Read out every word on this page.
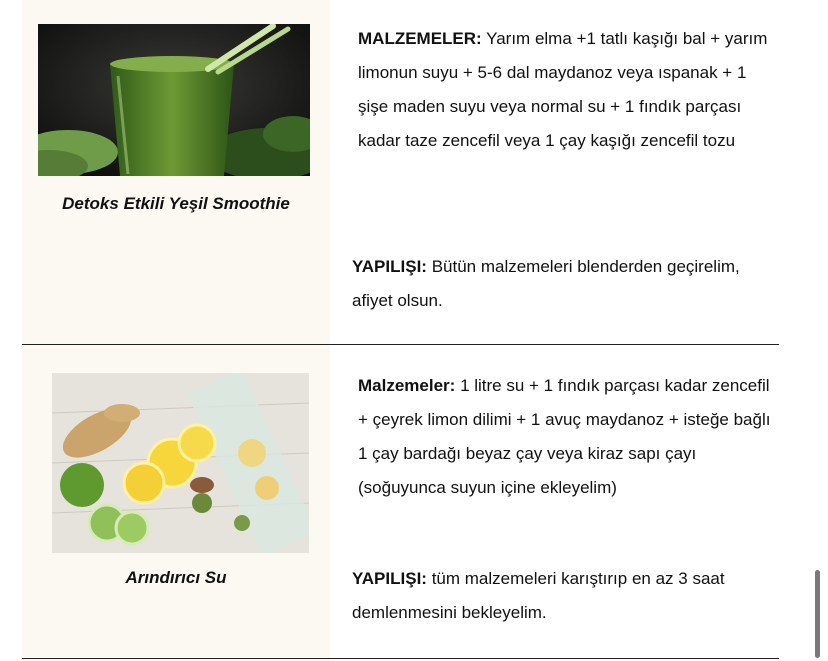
Detoks Etkili Yeşil Smoothie
MALZEMELER: Yarım elma +1 tatlı kaşığı bal + yarım limonun suyu + 5-6 dal maydanoz veya ıspanak + 1 şişe maden suyu veya normal su + 1 fındık parçası kadar taze zencefil veya 1 çay kaşığı zencefil tozu
YAPILIŞI: Bütün malzemeleri blenderden geçirelim, afiyet olsun.
Arındırıcı Su
Malzemeler: 1 litre su + 1 fındık parçası kadar zencefil + çeyrek limon dilimi + 1 avuç maydanoz + isteğe bağlı 1 çay bardağı beyaz çay veya kiraz sapı çayı (soğuyunca suyun içine ekleyelim)
YAPILIŞI: tüm malzemeleri karıştırıp en az 3 saat demlenmesini bekleyelim.
